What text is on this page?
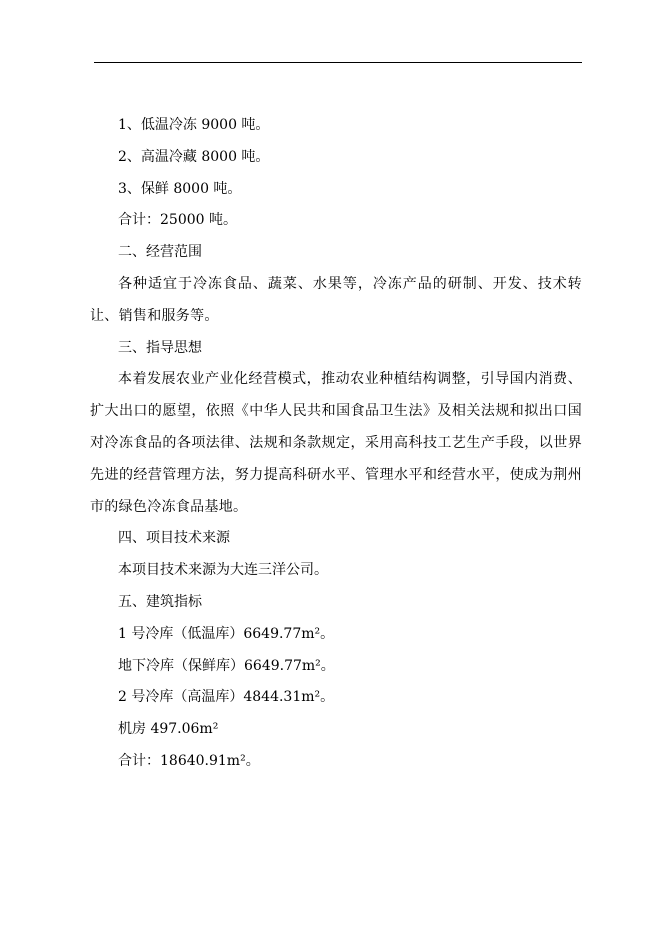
1、低温冷冻 9000 吨。

2、高温冷藏 8000 吨。

3、保鲜 8000 吨。

合计：25000 吨。

二、经营范围

各种适宜于冷冻食品、蔬菜、水果等，冷冻产品的研制、开发、技术转让、销售和服务等。

三、指导思想

本着发展农业产业化经营模式，推动农业种植结构调整，引导国内消费、扩大出口的愿望，依照《中华人民共和国食品卫生法》及相关法规和拟出口国对冷冻食品的各项法律、法规和条款规定，采用高科技工艺生产手段，以世界先进的经营管理方法，努力提高科研水平、管理水平和经营水平，使成为荆州市的绿色冷冻食品基地。

四、项目技术来源

本项目技术来源为大连三洋公司。

五、建筑指标

1 号冷库（低温库）6649.77m²。

地下冷库（保鲜库）6649.77m²。

2 号冷库（高温库）4844.31m²。

机房 497.06m²

合计：18640.91m²。
